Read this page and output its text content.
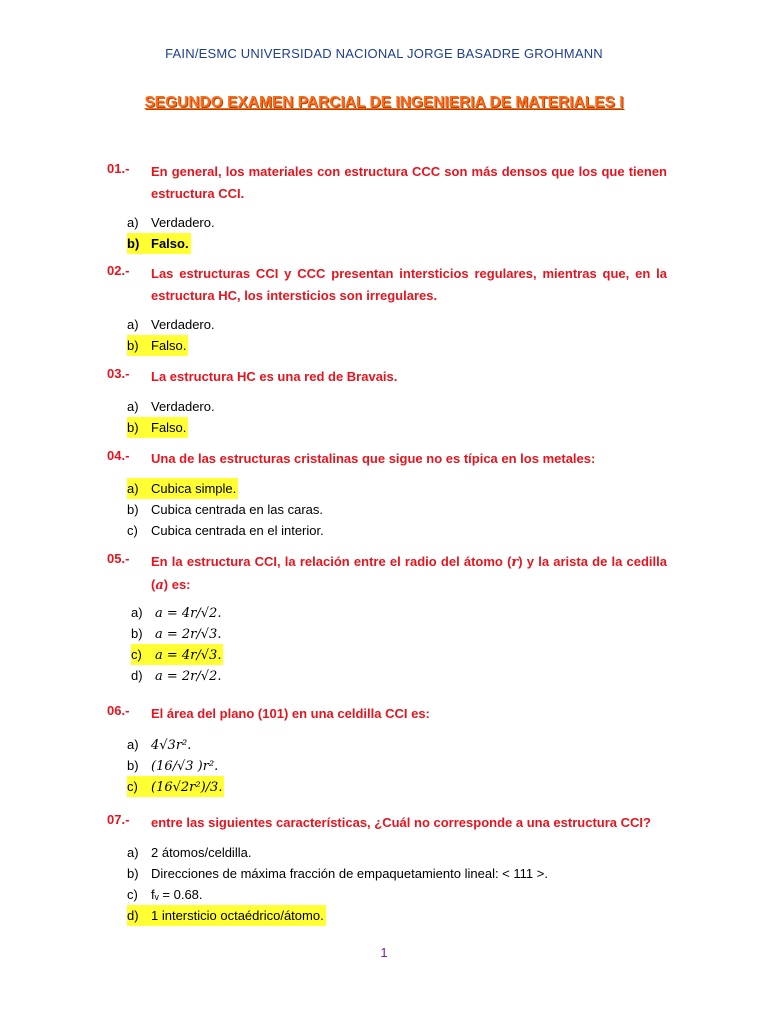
FAIN/ESMC UNIVERSIDAD NACIONAL JORGE BASADRE GROHMANN
SEGUNDO EXAMEN PARCIAL DE INGENIERIA DE MATERIALES I
01.- En general, los materiales con estructura CCC son más densos que los que tienen estructura CCI.
a) Verdadero.
b) Falso.
02.- Las estructuras CCI y CCC presentan intersticios regulares, mientras que, en la estructura HC, los intersticios son irregulares.
a) Verdadero.
b) Falso.
03.- La estructura HC es una red de Bravais.
a) Verdadero.
b) Falso.
04.- Una de las estructuras cristalinas que sigue no es típica en los metales:
a) Cubica simple.
b) Cubica centrada en las caras.
c) Cubica centrada en el interior.
05.- En la estructura CCI, la relación entre el radio del átomo (r) y la arista de la cedilla (a) es:
a) a = 4r/√2.
b) a = 2r/√3.
c) a = 4r/√3.
d) a = 2r/√2.
06.- El área del plano (101) en una celdilla CCI es:
a) 4√3r².
b) (16/√3 )r².
c) (16√2r²)/3.
07.- entre las siguientes características, ¿Cuál no corresponde a una estructura CCI?
a) 2 átomos/celdilla.
b) Direcciones de máxima fracción de empaquetamiento lineal: < 111 >.
c) fᵥ = 0.68.
d) 1 intersticio octaédrico/átomo.
1
